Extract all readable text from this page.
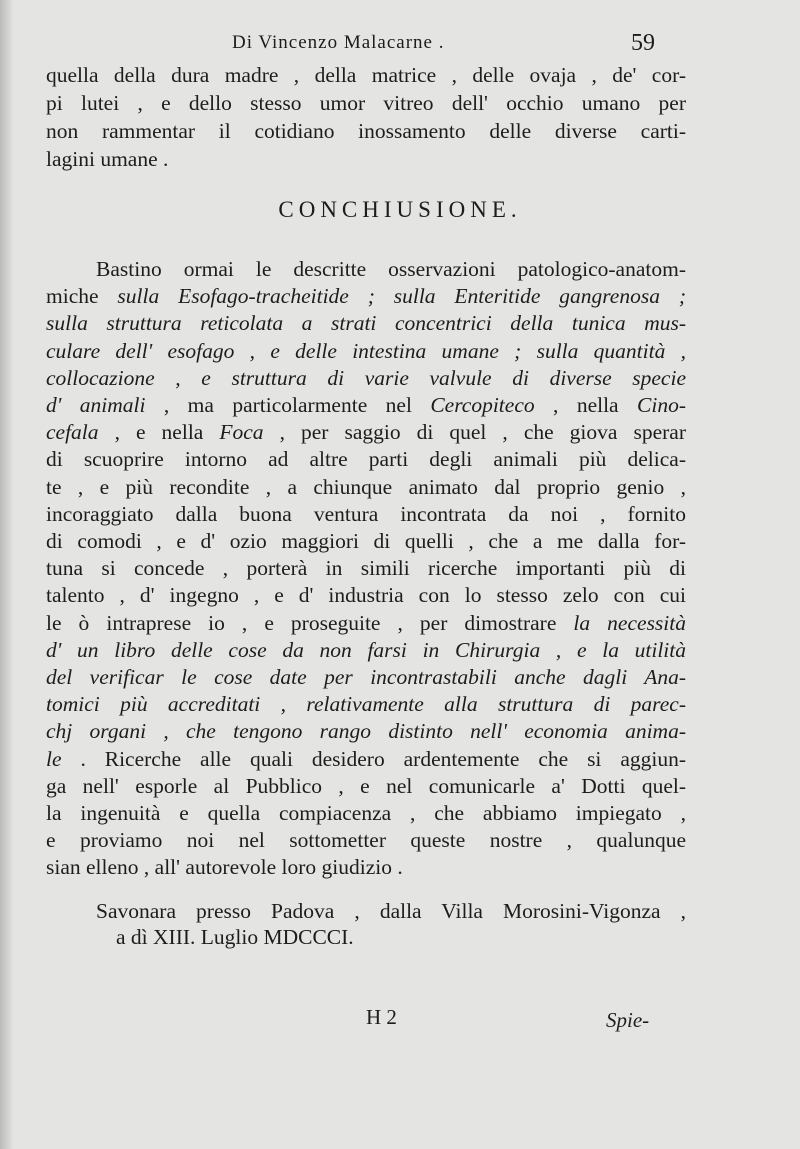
Di Vincenzo Malacarne .	59
quella della dura madre , della matrice , delle ovaja , de' cor-
pi lutei , e dello stesso umor vitreo dell' occhio umano per
non rammentar il cotidiano inossamento delle diverse carti-
lagini umane .
CONCHIUSIONE.
Bastino ormai le descritte osservazioni patologico-anatom-
miche sulla Esofago-tracheitide ; sulla Enteritide gangrenosa ;
sulla struttura reticolata a strati concentrici della tunica mus-
culare dell' esofago , e delle intestina umane ; sulla quantità ,
collocazione , e struttura di varie valvule di diverse specie
d' animali , ma particolarmente nel Cercopiteco , nella Cino-
cefala , e nella Foca , per saggio di quel , che giova sperar
di scuoprire intorno ad altre parti degli animali più delica-
te , e più recondite , a chiunque animato dal proprio genio ,
incoraggiato dalla buona ventura incontrata da noi , fornito
di comodi , e d' ozio maggiori di quelli , che a me dalla for-
tuna si concede , porterà in simili ricerche importanti più di
talento , d' ingegno , e d' industria con lo stesso zelo con cui
le ò intraprese io , e proseguite , per dimostrare la necessità
d' un libro delle cose da non farsi in Chirurgia , e la utilità
del verificar le cose date per incontrastabili anche dagli Ana-
tomici più accreditati , relativamente alla struttura di parec-
chj organi , che tengono rango distinto nell' economia anima-
le . Ricerche alle quali desidero ardentemente che si aggiun-
ga nell' esporle al Pubblico , e nel comunicarle a' Dotti quel-
la ingenuità e quella compiacenza , che abbiamo impiegato ,
e proviamo noi nel sottometter queste nostre , qualunque
sian elleno , all' autorevole loro giudizio .
Savonara presso Padova , dalla Villa Morosini-Vigonza ,
a dì XIII. Luglio MDCCCI.
H 2	Spie-
